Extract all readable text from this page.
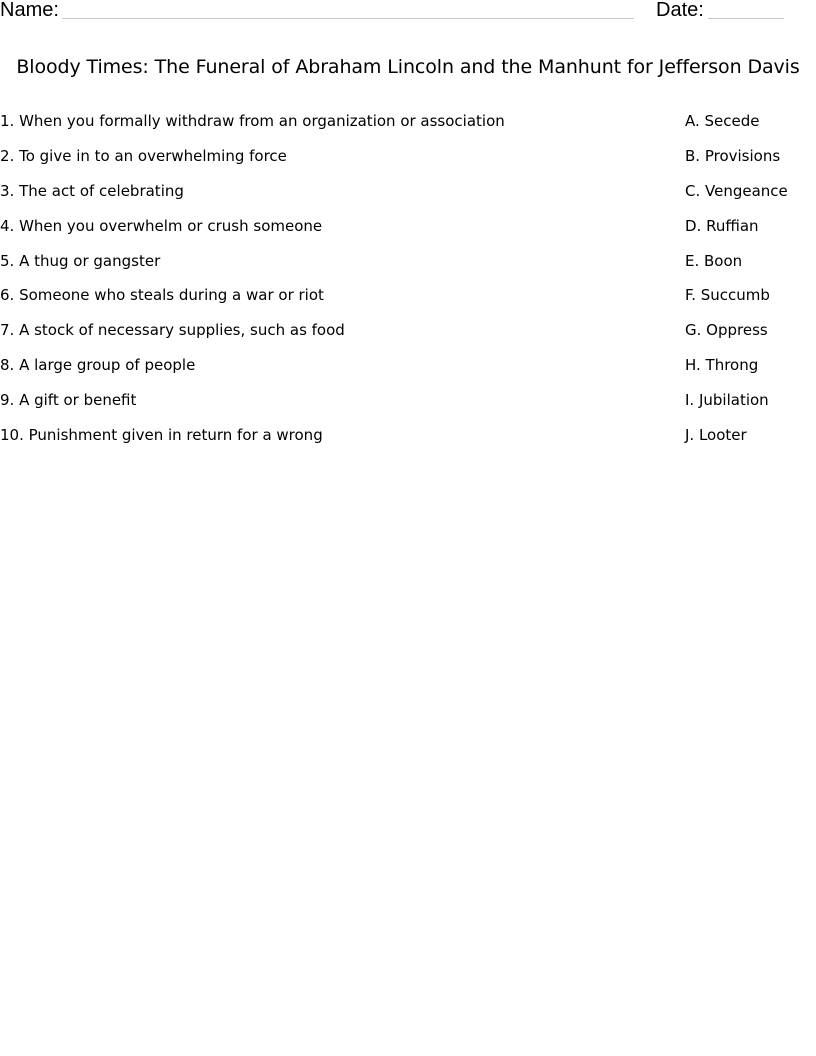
Name:	Date:
Bloody Times: The Funeral of Abraham Lincoln and the Manhunt for Jefferson Davis
1. When you formally withdraw from an organization or association
2. To give in to an overwhelming force
3. The act of celebrating
4. When you overwhelm or crush someone
5. A thug or gangster
6. Someone who steals during a war or riot
7. A stock of necessary supplies, such as food
8. A large group of people
9. A gift or benefit
10. Punishment given in return for a wrong
A. Secede
B. Provisions
C. Vengeance
D. Ruffian
E. Boon
F. Succumb
G. Oppress
H. Throng
I. Jubilation
J. Looter
